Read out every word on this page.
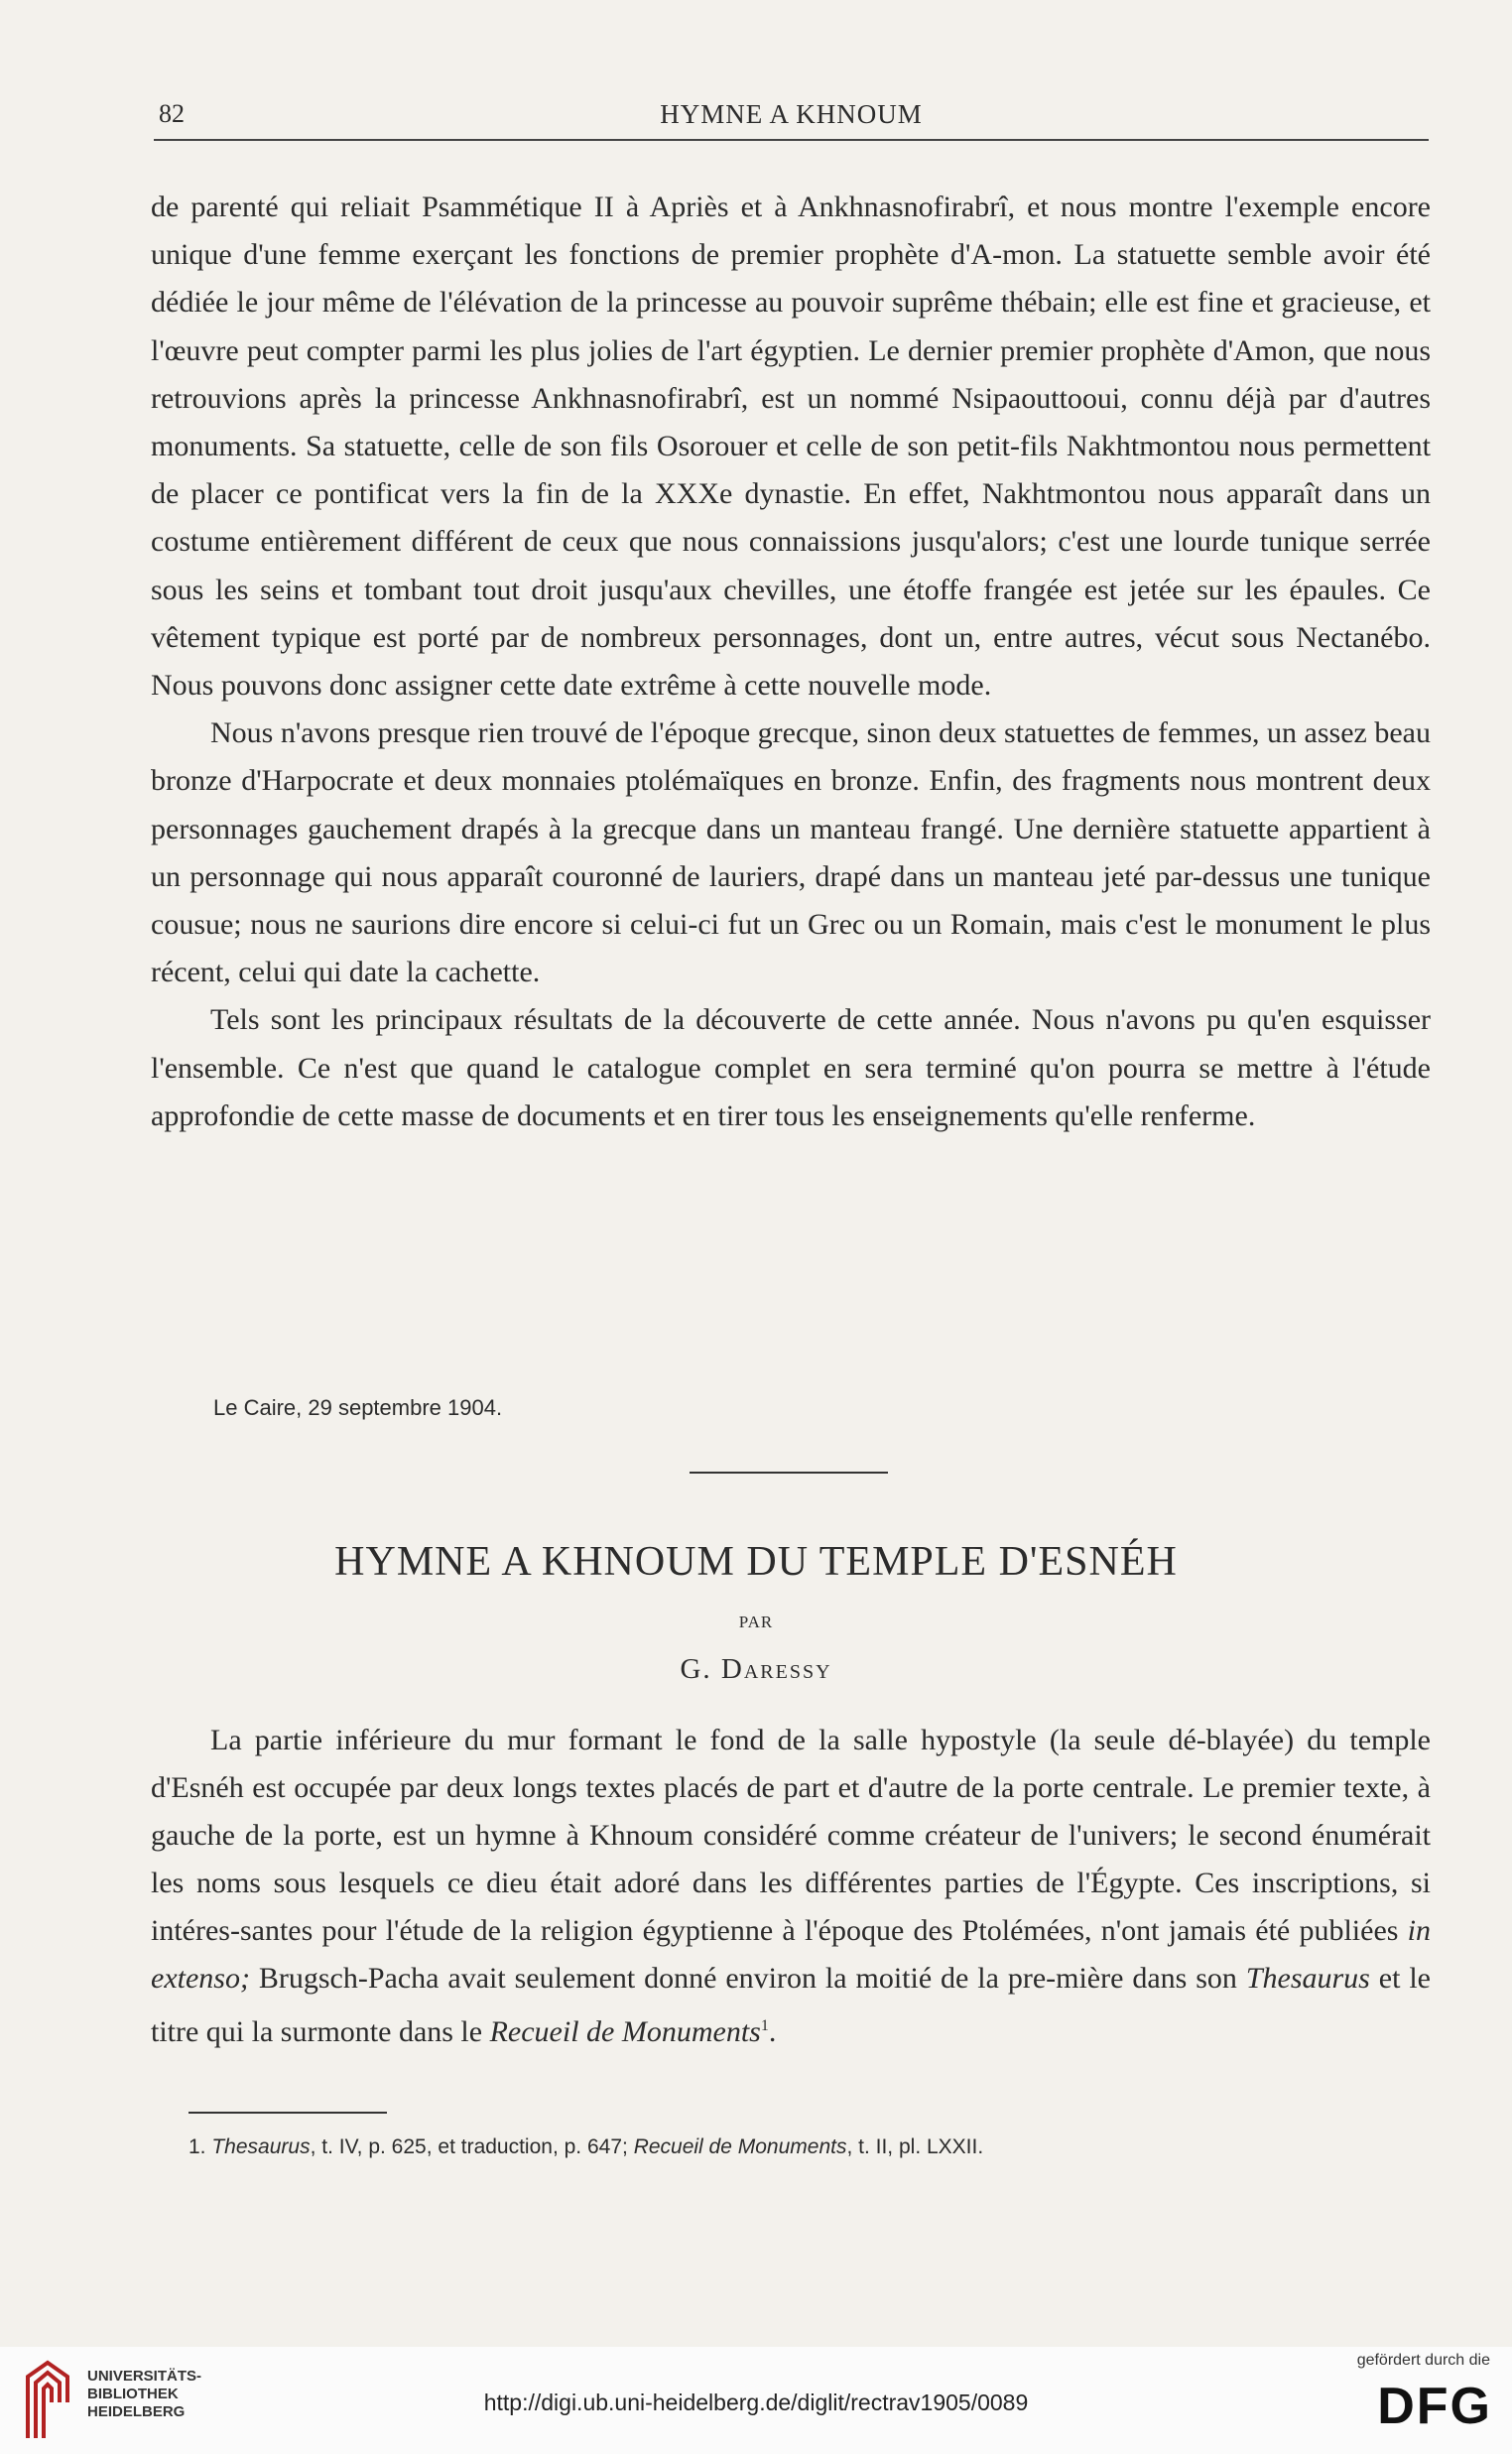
82	HYMNE A KHNOUM

de parenté qui reliait Psammétique II à Apriès et à Ankhnasnofirabrî, et nous montre l'exemple encore unique d'une femme exerçant les fonctions de premier prophète d'A-mon. La statuette semble avoir été dédiée le jour même de l'élévation de la princesse au pouvoir suprême thébain; elle est fine et gracieuse, et l'œuvre peut compter parmi les plus jolies de l'art égyptien. Le dernier premier prophète d'Amon, que nous retrouvions après la princesse Ankhnasnofirabrî, est un nommé Nsipaouttooui, connu déjà par d'autres monuments. Sa statuette, celle de son fils Osorouer et celle de son petit-fils Nakhtmontou nous permettent de placer ce pontificat vers la fin de la XXXe dynastie. En effet, Nakhtmontou nous apparaît dans un costume entièrement différent de ceux que nous connaissions jusqu'alors; c'est une lourde tunique serrée sous les seins et tombant tout droit jusqu'aux chevilles, une étoffe frangée est jetée sur les épaules. Ce vêtement typique est porté par de nombreux personnages, dont un, entre autres, vécut sous Nectanébo. Nous pouvons donc assigner cette date extrême à cette nouvelle mode.

Nous n'avons presque rien trouvé de l'époque grecque, sinon deux statuettes de femmes, un assez beau bronze d'Harpocrate et deux monnaies ptolémaïques en bronze. Enfin, des fragments nous montrent deux personnages gauchement drapés à la grecque dans un manteau frangé. Une dernière statuette appartient à un personnage qui nous apparaît couronné de lauriers, drapé dans un manteau jeté par-dessus une tunique cousue; nous ne saurions dire encore si celui-ci fut un Grec ou un Romain, mais c'est le monument le plus récent, celui qui date la cachette.

Tels sont les principaux résultats de la découverte de cette année. Nous n'avons pu qu'en esquisser l'ensemble. Ce n'est que quand le catalogue complet en sera terminé qu'on pourra se mettre à l'étude approfondie de cette masse de documents et en tirer tous les enseignements qu'elle renferme.

Le Caire, 29 septembre 1904.
HYMNE A KHNOUM DU TEMPLE D'ESNÉH
PAR
G. Daressy

La partie inférieure du mur formant le fond de la salle hypostyle (la seule dé-blayée) du temple d'Esnéh est occupée par deux longs textes placés de part et d'autre de la porte centrale. Le premier texte, à gauche de la porte, est un hymne à Khnoum considéré comme créateur de l'univers; le second énumérait les noms sous lesquels ce dieu était adoré dans les différentes parties de l'Égypte. Ces inscriptions, si intéres-santes pour l'étude de la religion égyptienne à l'époque des Ptolémées, n'ont jamais été publiées in extenso; Brugsch-Pacha avait seulement donné environ la moitié de la pre-mière dans son Thesaurus et le titre qui la surmonte dans le Recueil de Monuments$^1$.

1. Thesaurus, t. IV, p. 625, et traduction, p. 647; Recueil de Monuments, t. II, pl. LXXII.
UNIVERSITÄTS-
BIBLIOTHEK
HEIDELBERG	http://digi.ub.uni-heidelberg.de/diglit/rectrav1905/0089
gefördert durch die
DFG
